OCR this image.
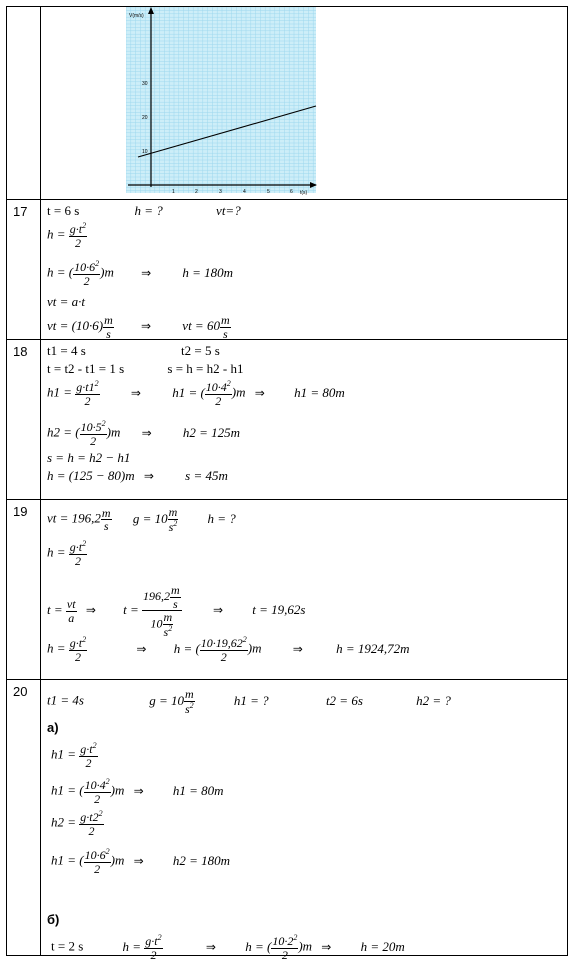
V(m/s)
t(s)
10
20
30
1	2	3	4	5	6
17 t = 6 s	h = ?	vt=?
$h = \frac{g\cdot t^2}{2}$
h = ( $\frac{10\cdot 6^2}{2} )m$ ⇒ h = 180m
vt = a·t
vt = $(10\cdot 6) \frac{m}{s}$ ⇒ vt = $60 \frac{m}{s}$
18 t1 = 4 s	t2 = 5 s
t = t2 - t1 = 1 s	s = h = h2 - h1
$h1 = \frac{g\cdot t1^2}{2}$	⇒ h1 = ( $\frac{10\cdot 4^2}{2} )m$ ⇒ h1 = 80m
h2 = ( $\frac{10\cdot 5^2}{2} )m$ ⇒ h2 = 125m
s = h = h2 − h1
h = (125 − 80)m ⇒ s = 45m
19 vt = $196,2 \frac{m}{s}$ $g = 10 \frac{m}{s^2}$ h = ?
$h = \frac{g\cdot t^2}{2}$
$t = \frac{vt}{a}$ ⇒ $t = \frac{196,2 \frac{m}{s}}{10 \frac{m}{s^2}}$	⇒ t = 19,62s
$h = \frac{g\cdot t^2}{2}$	⇒ h = ( $\frac{10\cdot 19,62^2}{2} )m$	⇒	h = 1924,72m
20
t1 = 4s	$g = 10 \frac{m}{s^2}$	h1 = ?	t2 = 6s	h2 = ?
а)
$h1 = \frac{g\cdot t^2}{2}$
h1 = ( $\frac{10\cdot 4^2}{2} )m$ ⇒ h1 = 80m
$h2 = \frac{g\cdot t2^2}{2}$
h1 = ( $\frac{10\cdot 6^2}{2} )m$ ⇒ h2 = 180m
б)
t = 2 s	$h = \frac{g\cdot t^2}{2}$	⇒ h = ( $\frac{10\cdot 2^2}{2} )m$ ⇒ h = 20m
